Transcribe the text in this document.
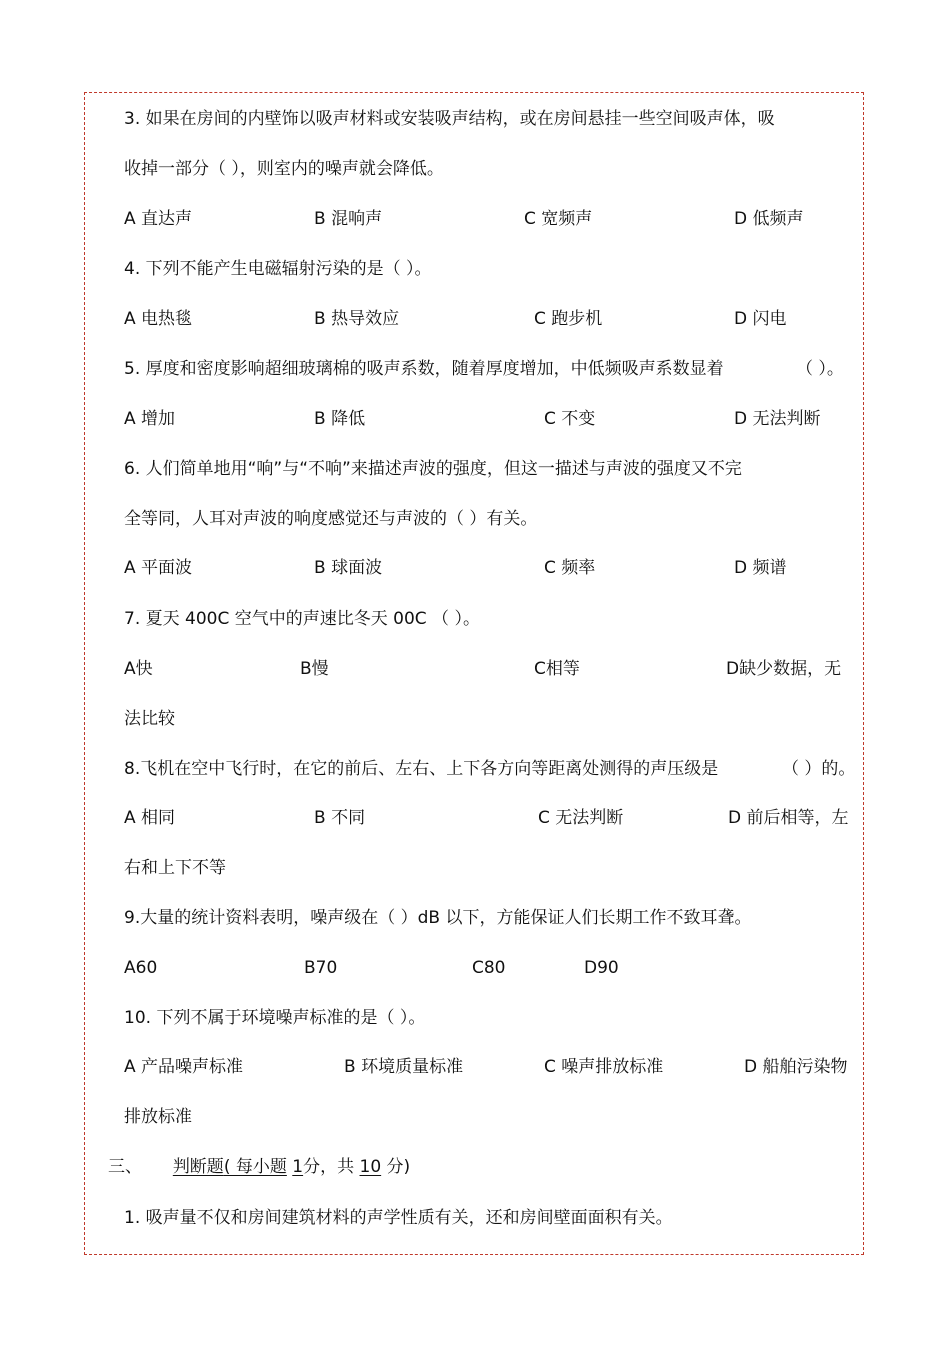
3. 如果在房间的内壁饰以吸声材料或安装吸声结构，或在房间悬挂一些空间吸声体，吸
收掉一部分（ ），则室内的噪声就会降低。
A 直达声	B 混响声	C 宽频声	D 低频声
4. 下列不能产生电磁辐射污染的是（ ）。
A 电热毯	B 热导效应	C 跑步机	D 闪电
5. 厚度和密度影响超细玻璃棉的吸声系数，随着厚度增加，中低频吸声系数显着	（ ）。
A 增加	B 降低	C 不变	D 无法判断
6. 人们简单地用“响”与“不响”来描述声波的强度，但这一描述与声波的强度又不完
全等同，人耳对声波的响度感觉还与声波的（ ）有关。
A 平面波	B 球面波	C 频率	D 频谱
7. 夏天 400C 空气中的声速比冬天 00C （ ）。
A快	B慢	C相等	D缺少数据，无
法比较
8.飞机在空中飞行时，在它的前后、左右、上下各方向等距离处测得的声压级是	（ ）的。
A 相同	B 不同	C 无法判断	D 前后相等，左
右和上下不等
9.大量的统计资料表明，噪声级在（ ）dB 以下，方能保证人们长期工作不致耳聋。
A60	B70	C80	D90
10. 下列不属于环境噪声标准的是（ ）。
A 产品噪声标准	B 环境质量标准	C 噪声排放标准	D 船舶污染物
排放标准
三、 判断题( 每小题 1分，共 10 分)
1. 吸声量不仅和房间建筑材料的声学性质有关，还和房间壁面面积有关。
